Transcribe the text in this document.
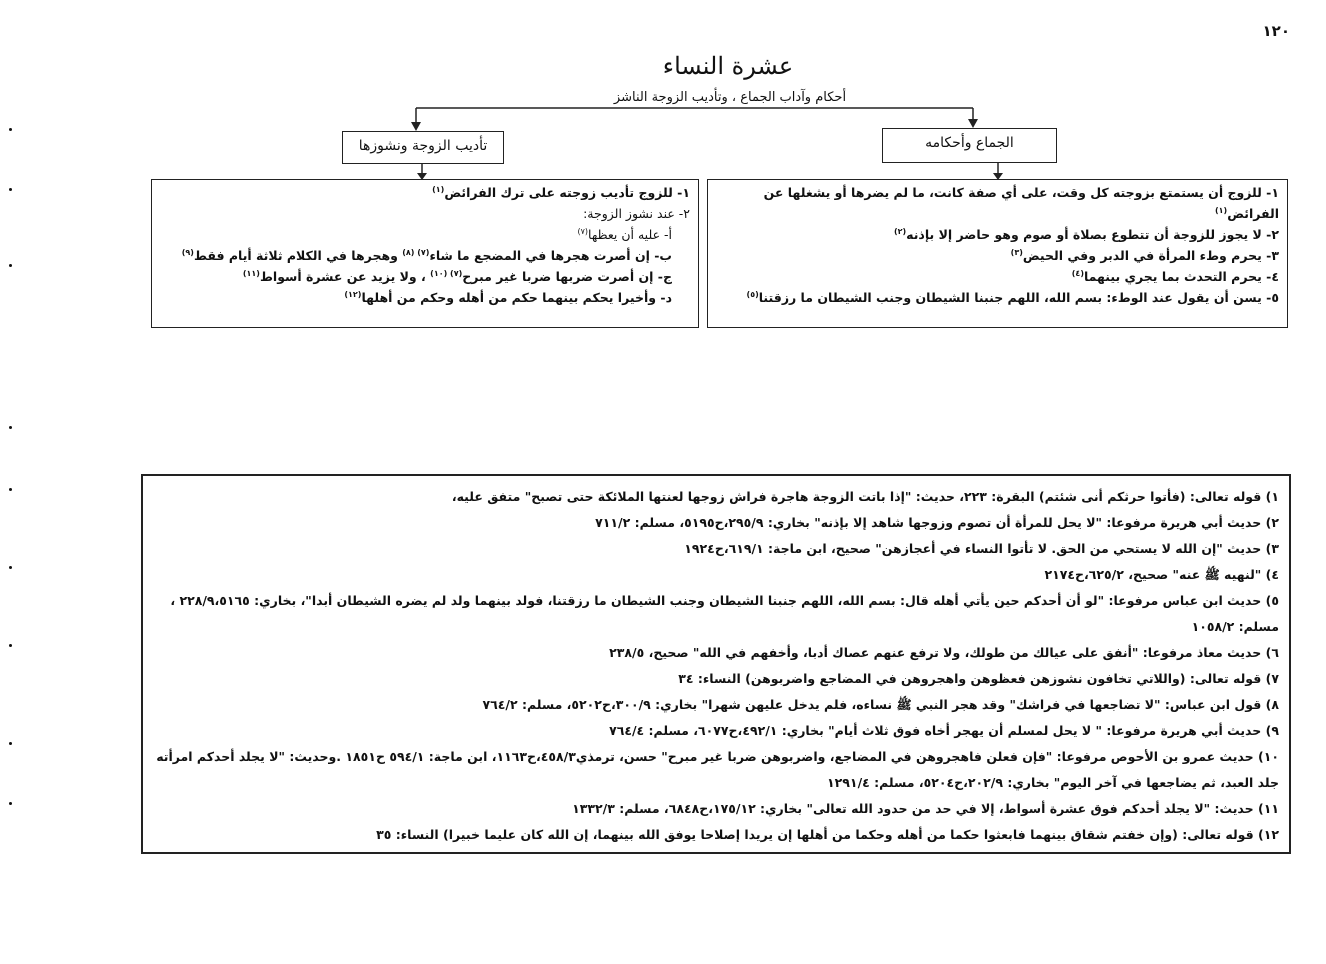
١٢٠
عشرة النساء
أحكام وآداب الجماع ، وتأديب الزوجة الناشز
تأديب الزوجة ونشوزها	الجماع وأحكامه

١- للزوج تأديب زوجته على ترك الفرائض$^{(١)}$

٢- عند نشوز الزوجة:

أ- عليه أن يعظها$^{(٧)}$

ب- إن أصرت هجرها في المضجع ما شاء$^{(٧) (٨)}$ وهجرها في الكلام ثلاثة أيام فقط$^{(٩)}$

ج- إن أصرت ضربها ضربا غير مبرح$^{(٧) (١٠)}$ ، ولا يزيد عن عشرة أسواط$^{(١١)}$

د- وأخيرا يحكم بينهما حكم من أهله وحكم من أهلها$^{(١٢)}$

١- للزوج أن يستمتع بزوجته كل وقت، على أي صفة كانت، ما لم يضرها أو يشغلها عن الفرائض$^{(١)}$

٢- لا يجوز للزوجة أن تتطوع بصلاة أو صوم وهو حاضر إلا بإذنه$^{(٢)}$

٣- يحرم وطء المرأة في الدبر وفي الحيض$^{(٣)}$

٤- يحرم التحدث بما يجري بينهما$^{(٤)}$

٥- يسن أن يقول عند الوطء: بسم الله، اللهم جنبنا الشيطان وجنب الشيطان ما رزقتنا$^{(٥)}$

١) قوله تعالى: (فأتوا حرثكم أنى شئتم) البقرة: ٢٢٣، حديث: "إذا باتت الزوجة هاجرة فراش زوجها لعنتها الملائكة حتى تصبح" متفق عليه،

٢) حديث أبي هريرة مرفوعا: "لا يحل للمرأة أن تصوم وزوجها شاهد إلا بإذنه" بخاري: ٢٩٥/٩،ح٥١٩٥، مسلم: ٧١١/٢

٣) حديث "إن الله لا يستحي من الحق. لا تأتوا النساء في أعجازهن" صحيح، ابن ماجة: ٦١٩/١،ح١٩٢٤

٤) "لنهيه ﷺ عنه" صحيح، ٦٢٥/٢،ح٢١٧٤

٥) حديث ابن عباس مرفوعا: "لو أن أحدكم حين يأتي أهله قال: بسم الله، اللهم جنبنا الشيطان وجنب الشيطان ما رزقتنا، فولد بينهما ولد لم يضره الشيطان أبدا"، بخاري: ٢٢٨/٩،٥١٦٥ ، مسلم: ١٠٥٨/٢

٦) حديث معاذ مرفوعا: "أنفق على عيالك من طولك، ولا ترفع عنهم عصاك أدبا، وأخفهم في الله" صحيح، ٢٣٨/٥

٧) قوله تعالى: (واللاتي تخافون نشوزهن فعظوهن واهجروهن في المضاجع واضربوهن) النساء: ٣٤

٨) قول ابن عباس: "لا تضاجعها في فراشك" وقد هجر النبي ﷺ نساءه، فلم يدخل عليهن شهرا" بخاري: ٣٠٠/٩،ح٥٢٠٢، مسلم: ٧٦٤/٢

٩) حديث أبي هريرة مرفوعا: " لا يحل لمسلم أن يهجر أخاه فوق ثلاث أيام" بخاري: ٤٩٢/١،ح٦٠٧٧، مسلم: ٧٦٤/٤

١٠) حديث عمرو بن الأحوص مرفوعا: "فإن فعلن فاهجروهن في المضاجع، واضربوهن ضربا غير مبرح" حسن، ترمذي٤٥٨/٣،ح١١٦٣، ابن ماجة: ٥٩٤/١ ح١٨٥١ .وحديث: "لا يجلد أحدكم امرأته جلد العبد، ثم يضاجعها في آخر اليوم" بخاري: ٢٠٢/٩،ح٥٢٠٤، مسلم: ١٢٩١/٤

١١) حديث: "لا يجلد أحدكم فوق عشرة أسواط، إلا في حد من حدود الله تعالى" بخاري: ١٧٥/١٢،ح٦٨٤٨، مسلم: ١٣٣٢/٣

١٢) قوله تعالى: (وإن خفتم شقاق بينهما فابعثوا حكما من أهله وحكما من أهلها إن يريدا إصلاحا يوفق الله بينهما، إن الله كان عليما خبيرا) النساء: ٣٥
